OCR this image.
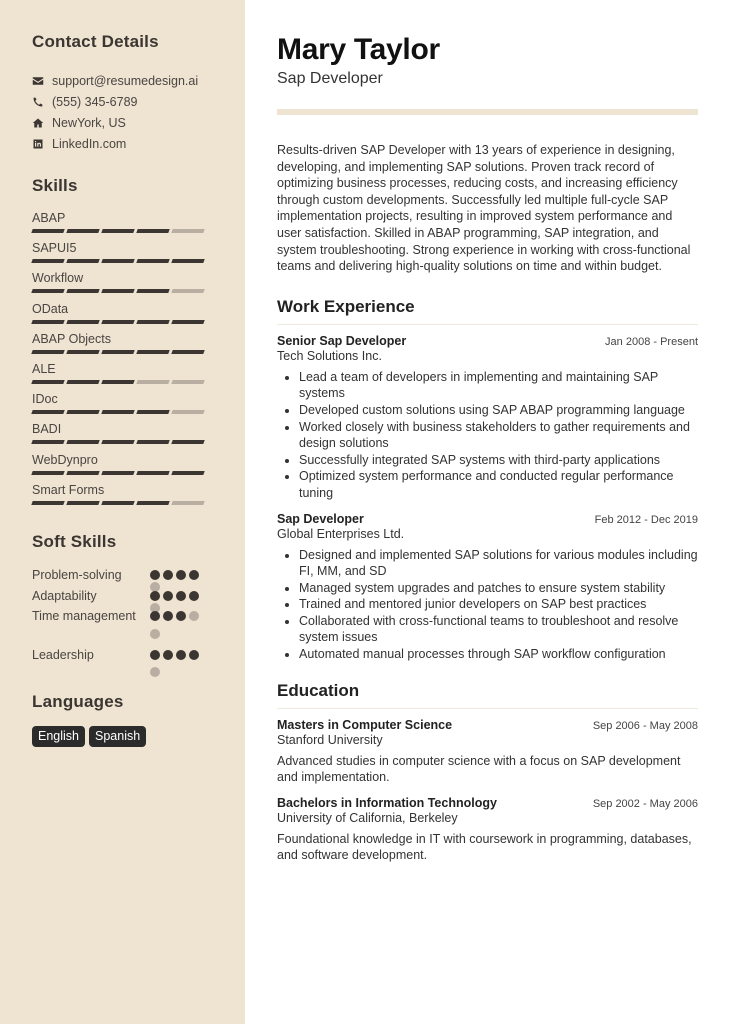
Contact Details
support@resumedesign.ai
(555) 345-6789
NewYork, US
LinkedIn.com
Skills
ABAP
SAPUI5
Workflow
OData
ABAP Objects
ALE
IDoc
BADI
WebDynpro
Smart Forms
Soft Skills
Problem-solving
Adaptability
Time management
Leadership
Languages
English	Spanish
Mary Taylor
Sap Developer

Results-driven SAP Developer with 13 years of experience in designing, developing, and implementing SAP solutions. Proven track record of optimizing business processes, reducing costs, and increasing efficiency through custom developments. Successfully led multiple full-cycle SAP implementation projects, resulting in improved system performance and user satisfaction. Skilled in ABAP programming, SAP integration, and system troubleshooting. Strong experience in working with cross-functional teams and delivering high-quality solutions on time and within budget.

Work Experience
Senior Sap Developer	Jan 2008 - Present
Tech Solutions Inc.
• Lead a team of developers in implementing and maintaining SAP systems
• Developed custom solutions using SAP ABAP programming language
• Worked closely with business stakeholders to gather requirements and design solutions
• Successfully integrated SAP systems with third-party applications
• Optimized system performance and conducted regular performance tuning
Sap Developer	Feb 2012 - Dec 2019
Global Enterprises Ltd.
• Designed and implemented SAP solutions for various modules including FI, MM, and SD
• Managed system upgrades and patches to ensure system stability
• Trained and mentored junior developers on SAP best practices
• Collaborated with cross-functional teams to troubleshoot and resolve system issues
• Automated manual processes through SAP workflow configuration
Education
Masters in Computer Science	Sep 2006 - May 2008
Stanford University

Advanced studies in computer science with a focus on SAP development and implementation.

Bachelors in Information Technology	Sep 2002 - May 2006
University of California, Berkeley

Foundational knowledge in IT with coursework in programming, databases, and software development.
